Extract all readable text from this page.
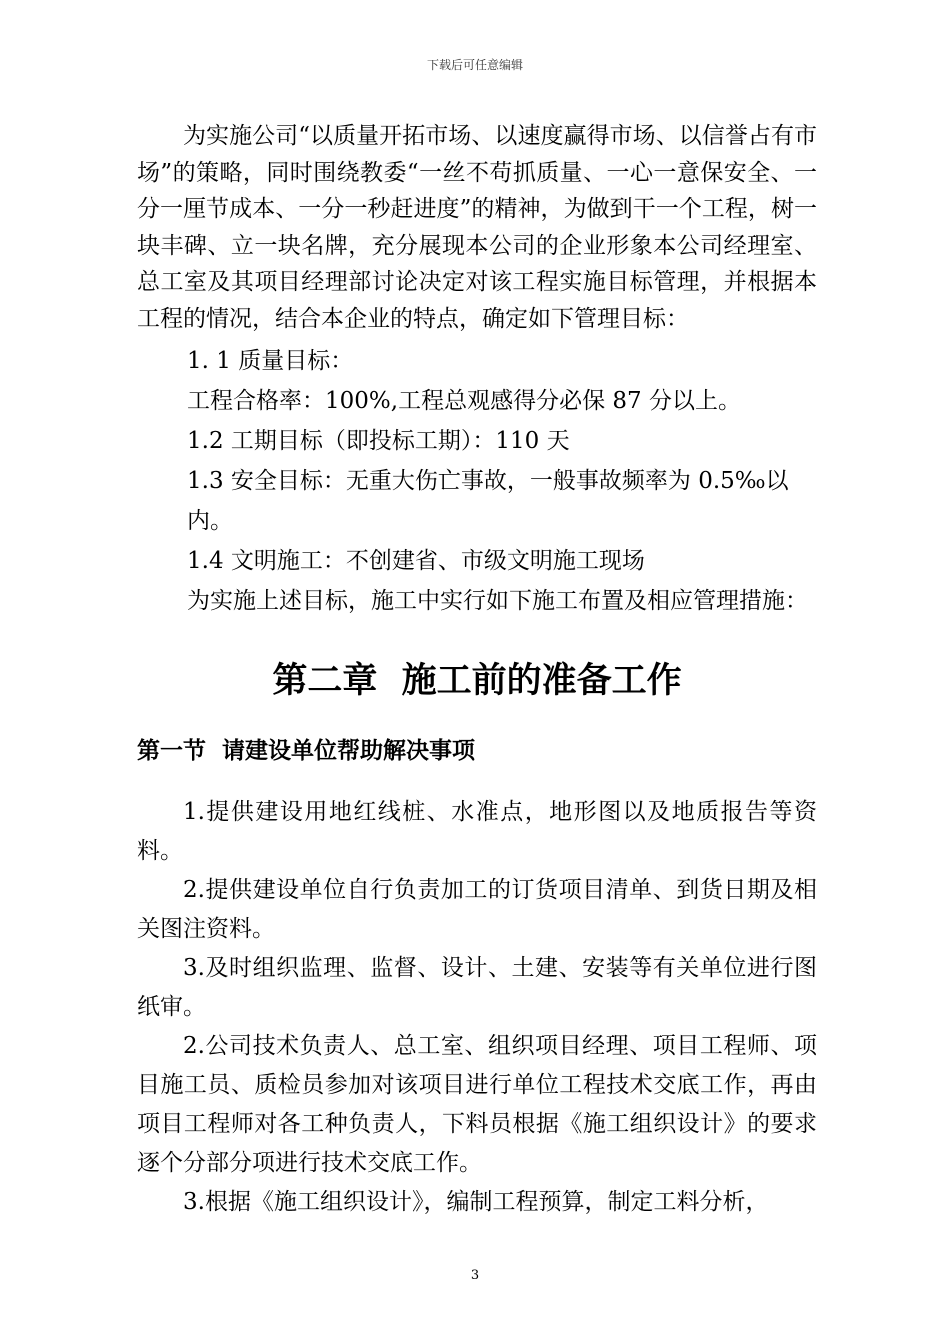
下载后可任意编辑

为实施公司“以质量开拓市场、以速度赢得市场、以信誉占有市场”的策略，同时围绕教委“一丝不苟抓质量、一心一意保安全、一分一厘节成本、一分一秒赶进度”的精神，为做到干一个工程，树一块丰碑、立一块名牌，充分展现本公司的企业形象本公司经理室、总工室及其项目经理部讨论决定对该工程实施目标管理，并根据本工程的情况，结合本企业的特点，确定如下管理目标：

1. 1 质量目标：

工程合格率：100%,工程总观感得分必保 87 分以上。

1.2 工期目标（即投标工期）：110 天

1.3 安全目标：无重大伤亡事故，一般事故频率为 0.5‰以内。

1.4 文明施工：不创建省、市级文明施工现场

为实施上述目标，施工中实行如下施工布置及相应管理措施：

第二章  施工前的准备工作
第一节  请建设单位帮助解决事项

1.提供建设用地红线桩、水准点，地形图以及地质报告等资料。

2.提供建设单位自行负责加工的订货项目清单、到货日期及相关图注资料。

3.及时组织监理、监督、设计、土建、安装等有关单位进行图纸审。

2.公司技术负责人、总工室、组织项目经理、项目工程师、项目施工员、质检员参加对该项目进行单位工程技术交底工作，再由项目工程师对各工种负责人，下料员根据《施工组织设计》的要求逐个分部分项进行技术交底工作。

3.根据《施工组织设计》，编制工程预算，制定工料分析，

3
